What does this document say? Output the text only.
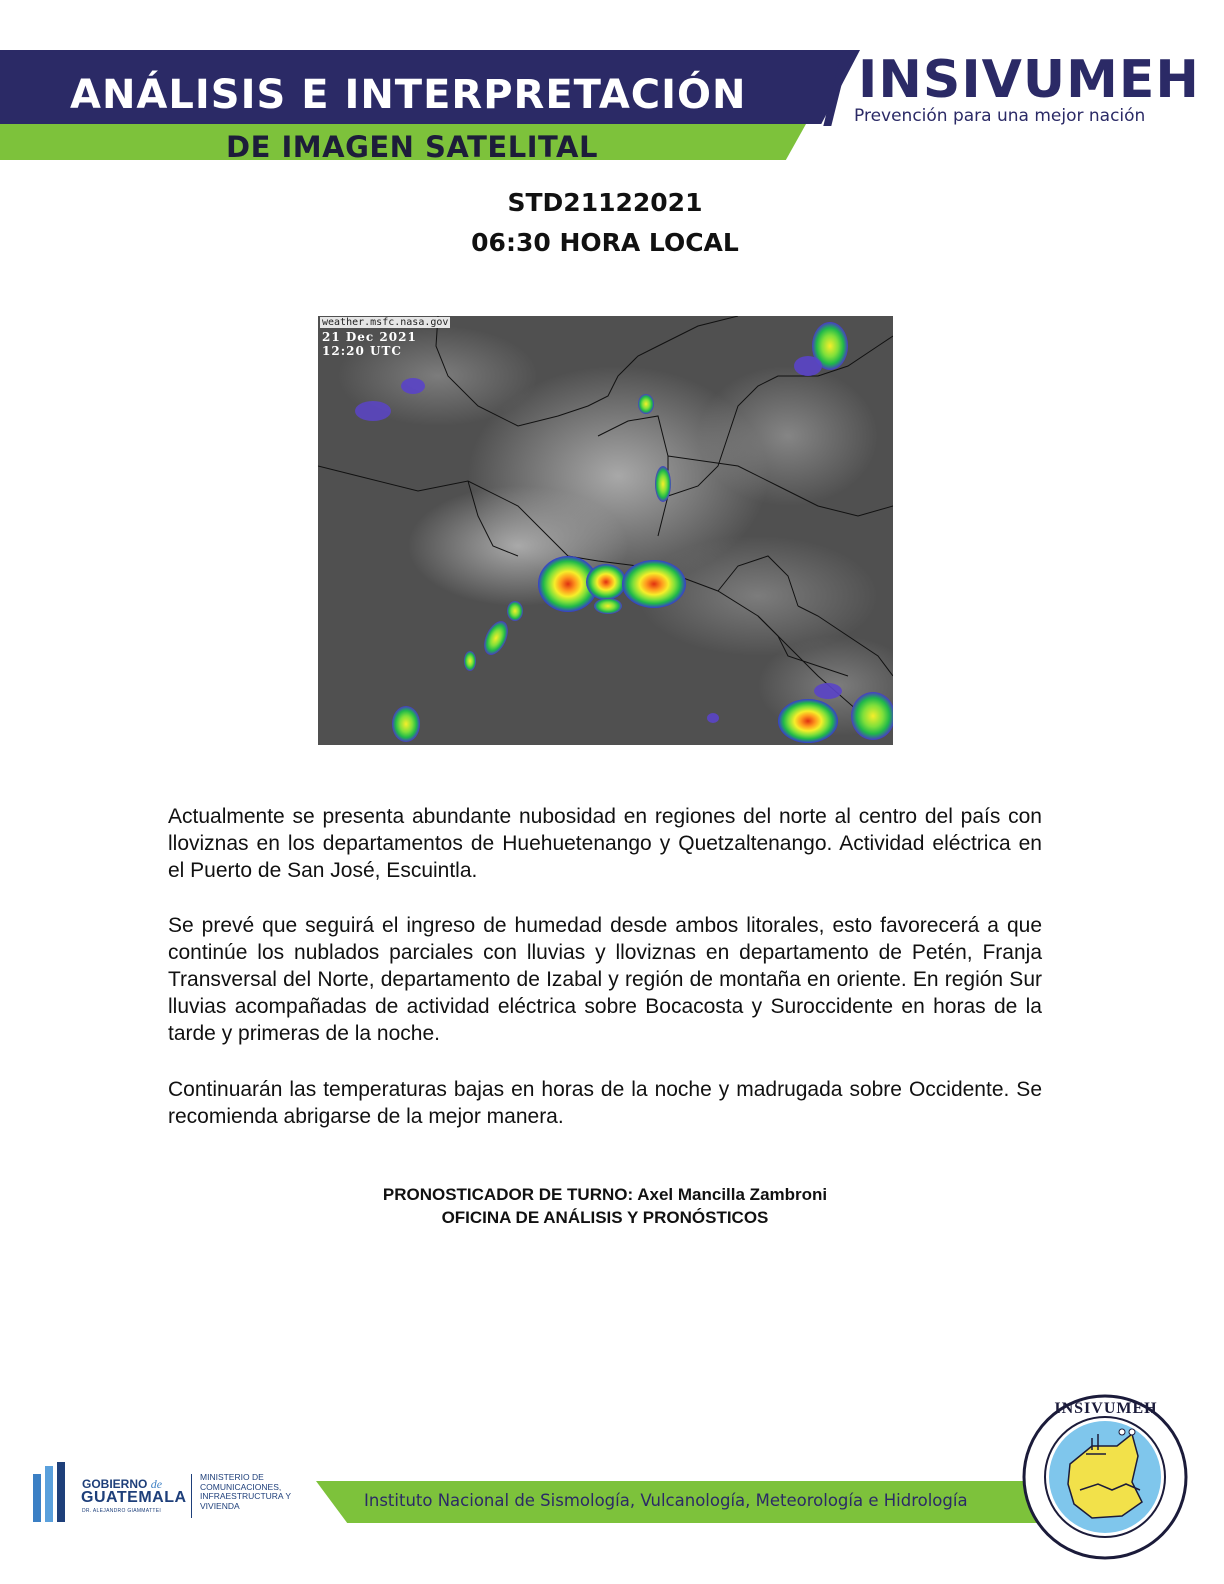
ANÁLISIS E INTERPRETACIÓN
DE IMAGEN SATELITAL
INSIVUMEH
Prevención para una mejor nación
STD21122021
06:30 HORA LOCAL
weather.msfc.nasa.gov
21 Dec 2021
12:20 UTC

Actualmente se presenta abundante nubosidad en regiones del norte al centro del país con lloviznas en los departamentos de Huehuetenango y Quetzaltenango. Actividad eléctrica en el Puerto de San José, Escuintla.

Se prevé que seguirá el ingreso de humedad desde ambos litorales, esto favorecerá a que continúe los nublados parciales con lluvias y lloviznas en departamento de Petén, Franja Transversal del Norte, departamento de Izabal y región de montaña en oriente. En región Sur lluvias acompañadas de actividad eléctrica sobre Bocacosta y Suroccidente en horas de la tarde y primeras de la noche.

Continuarán las temperaturas bajas en horas de la noche y madrugada sobre Occidente. Se recomienda abrigarse de la mejor manera.

PRONOSTICADOR DE TURNO: Axel Mancilla Zambroni
OFICINA DE ANÁLISIS Y PRONÓSTICOS
GOBIERNO de
GUATEMALA
DR. ALEJANDRO GIAMMATTEI
MINISTERIO DE COMUNICACIONES, INFRAESTRUCTURA Y VIVIENDA	Instituto Nacional de Sismología, Vulcanología, Meteorología e Hidrología
INSIVUMEH
